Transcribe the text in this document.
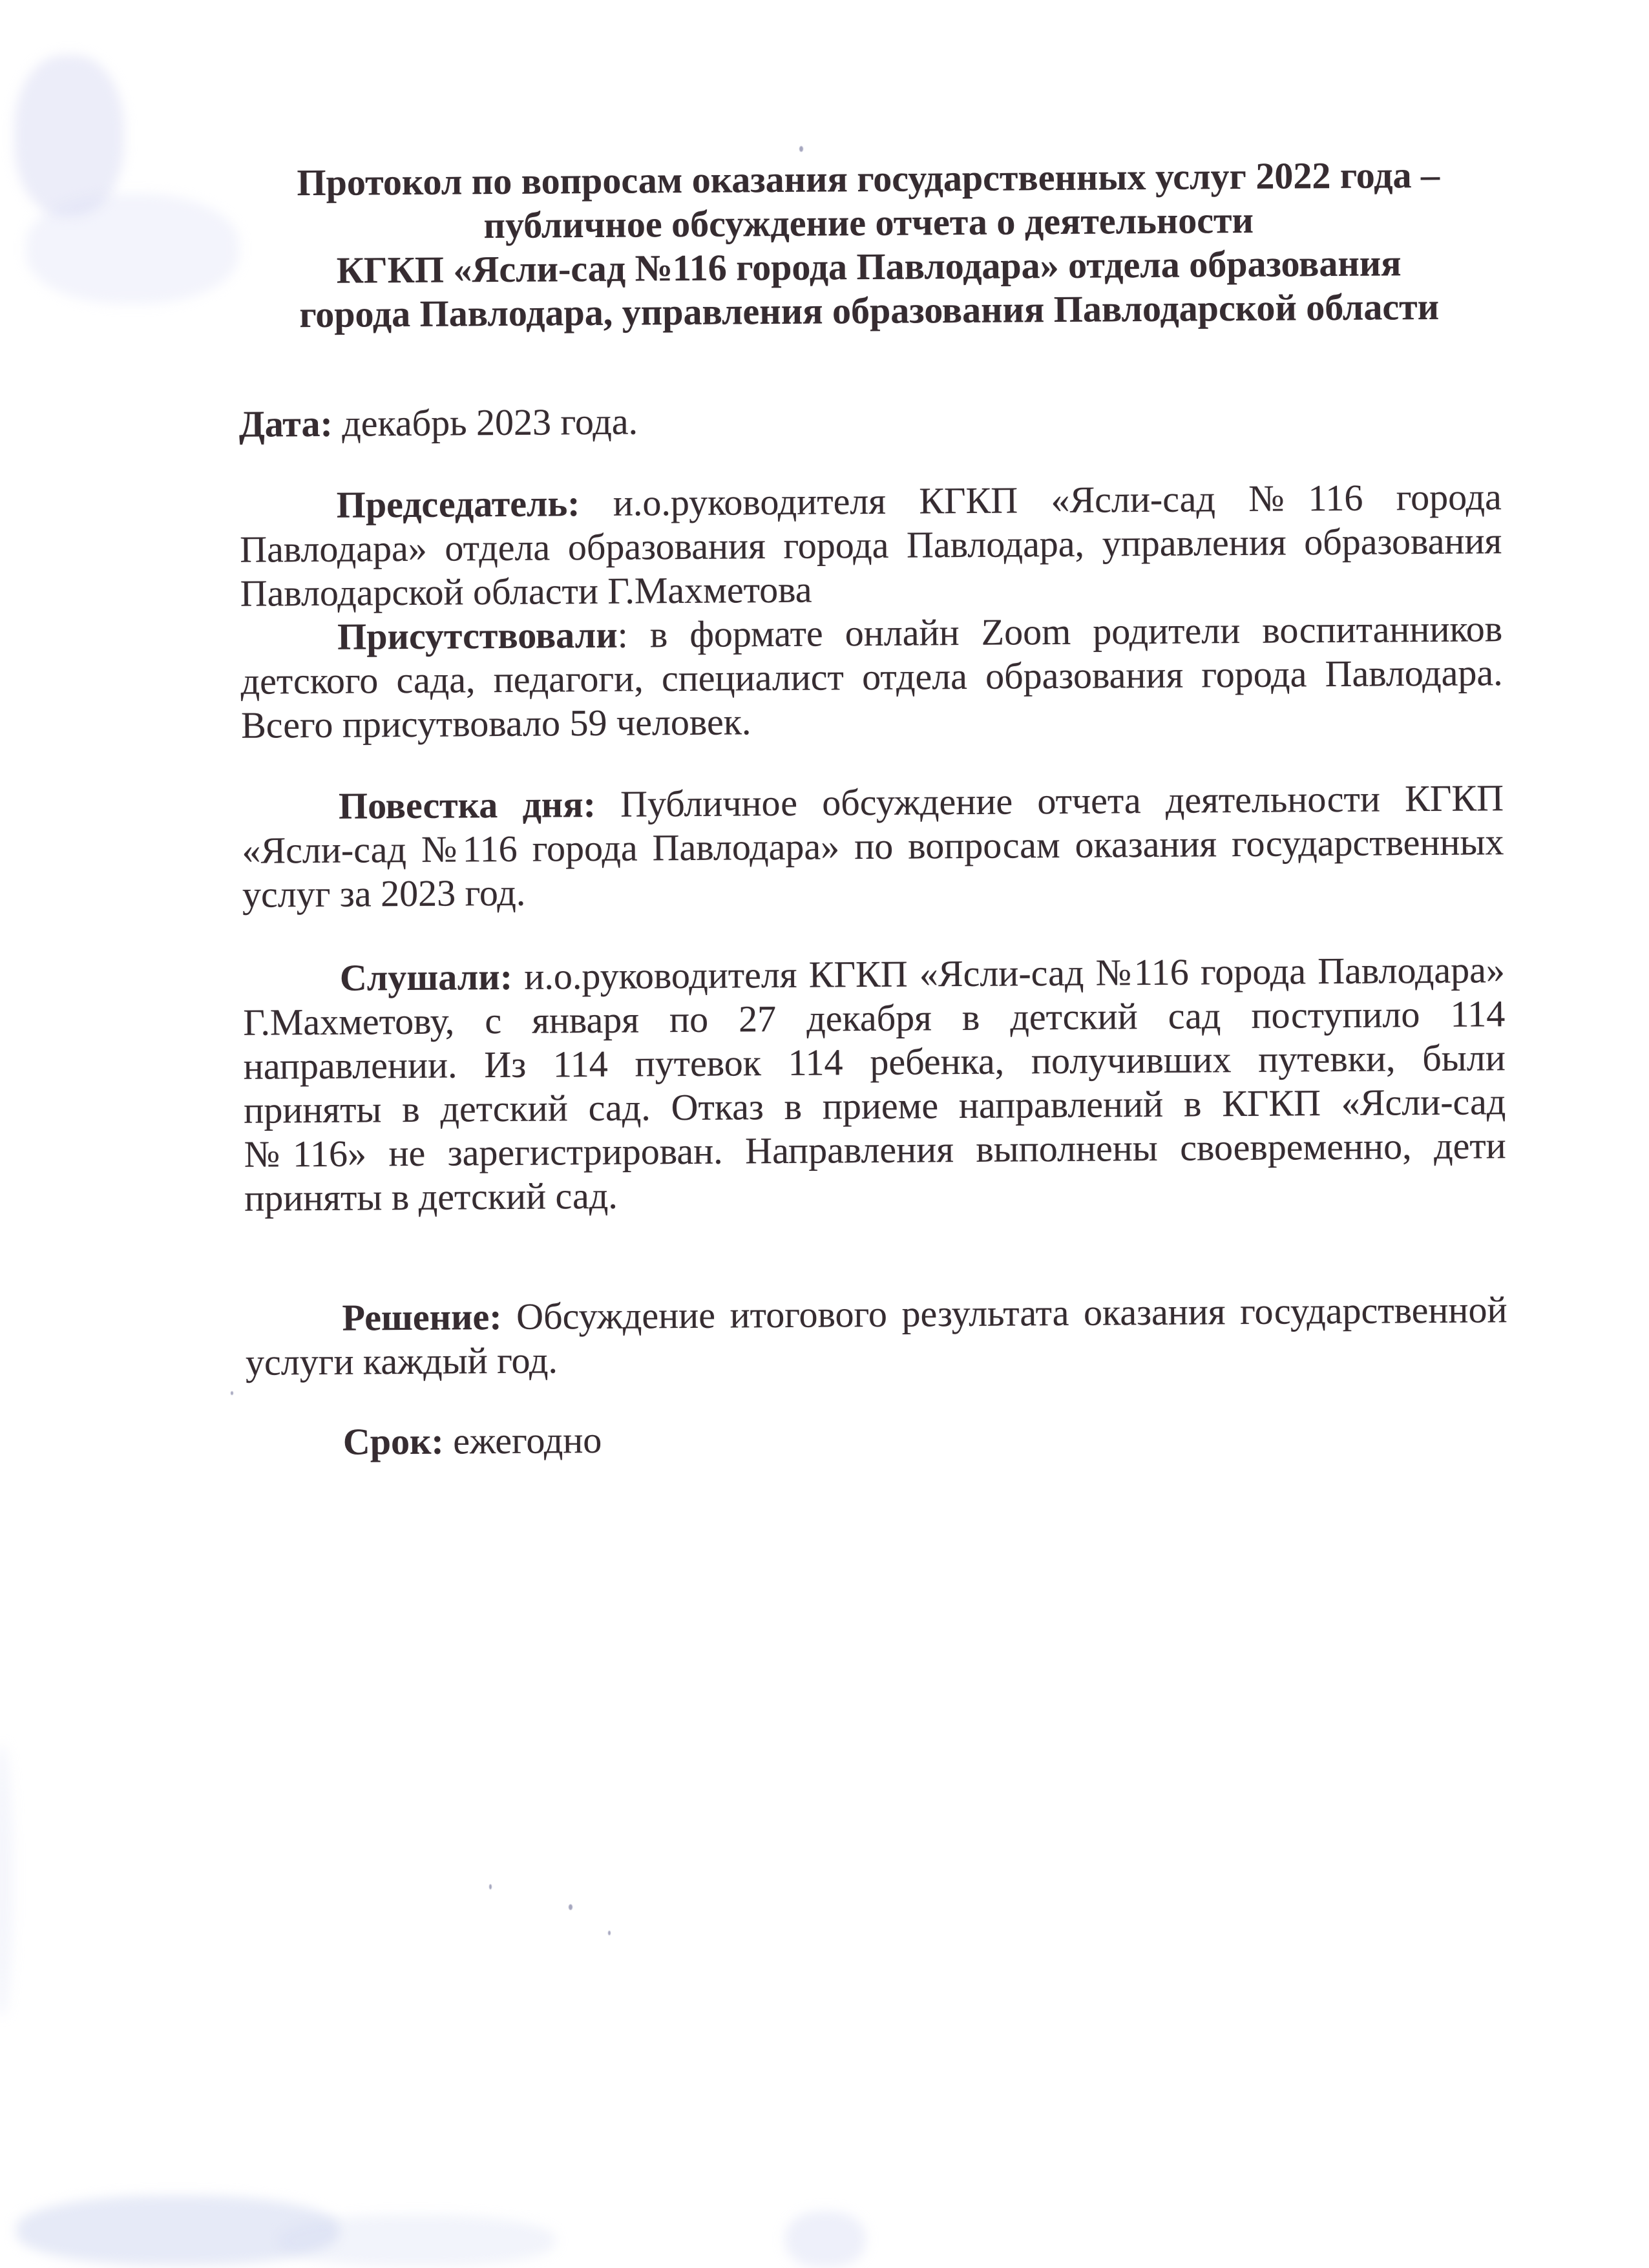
Протокол по вопросам оказания государственных услуг 2022 года –
публичное обсуждение отчета о деятельности
КГКП «Ясли-сад №116 города Павлодара» отдела образования
города Павлодара, управления образования Павлодарской области

Дата: декабрь 2023 года.

Председатель: и.о.руководителя КГКП «Ясли-сад №116 города Павлодара» отдела образования города Павлодара, управления образования Павлодарской области Г.Махметова

Присутствовали: в формате онлайн Zoom родители воспитанников детского сада, педагоги, специалист отдела образования города Павлодара. Всего присутвовало 59 человек.

Повестка дня: Публичное обсуждение отчета деятельности КГКП «Ясли-сад №116 города Павлодара» по вопросам оказания государственных услуг за 2023 год.

Слушали: и.о.руководителя КГКП «Ясли-сад №116 города Павлодара» Г.Махметову, с января по 27 декабря в детский сад поступило 114 направлении. Из 114 путевок 114 ребенка, получивших путевки, были приняты в детский сад. Отказ в приеме направлений в КГКП «Ясли-сад №116» не зарегистрирован. Направления выполнены своевременно, дети приняты в детский сад.

Решение: Обсуждение итогового результата оказания государственной услуги каждый год.

Срок: ежегодно
